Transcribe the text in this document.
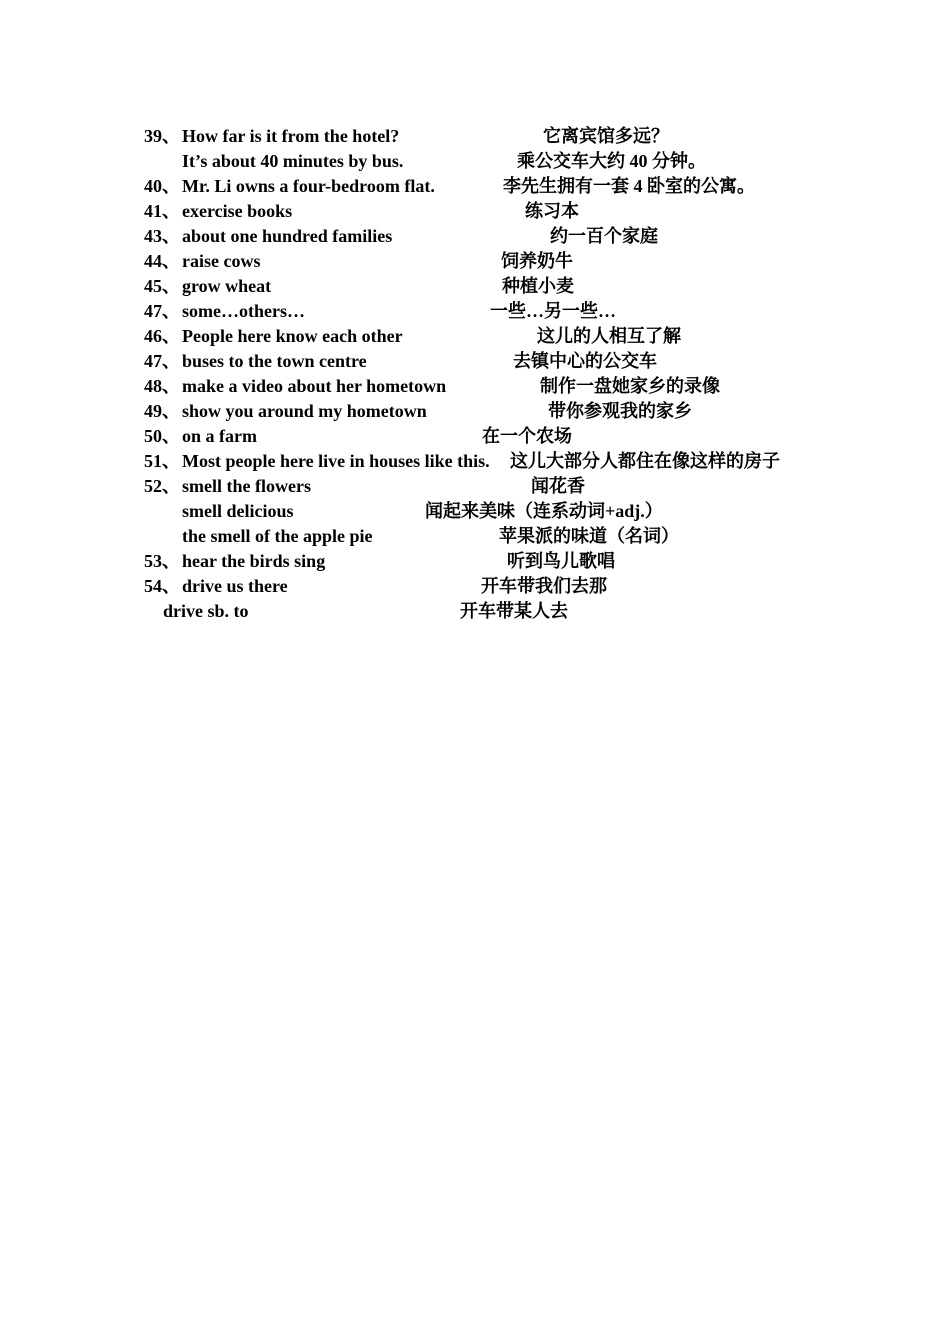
39、 How far is it from the hotel?	它离宾馆多远？
It’s about 40 minutes by bus.	乘公交车大约 40 分钟。
40、 Mr. Li owns a four-bedroom flat.	李先生拥有一套 4 卧室的公寓。
41、 exercise books	练习本
43、 about one hundred families	约一百个家庭
44、 raise cows	饲养奶牛
45、 grow wheat	种植小麦
47、 some…others…	一些…另一些…
46、 People here know each other	这儿的人相互了解
47、 buses to the town centre	去镇中心的公交车
48、 make a video about her hometown	制作一盘她家乡的录像
49、 show you around my hometown	带你参观我的家乡
50、 on a farm	在一个农场
51、 Most people here live in houses like this. 这儿大部分人都住在像这样的房子
52、 smell the flowers	闻花香
smell delicious	闻起来美味（连系动词+adj.）
the smell of the apple pie	苹果派的味道（名词）
53、 hear the birds sing	听到鸟儿歌唱
54、 drive us there	开车带我们去那
drive sb. to	开车带某人去
